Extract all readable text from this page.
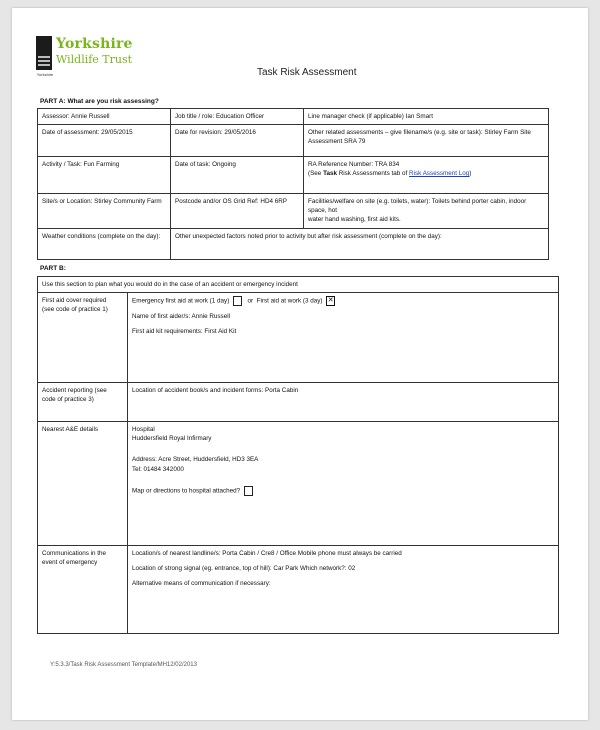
Yorkshire
Yorkshire
Wildlife Trust
Task Risk Assessment
PART A: What are you risk assessing?
Assessor: Annie Russell	Job title / role: Education Officer	Line manager check (if applicable) Ian Smart
Date of assessment: 29/05/2015	Date for revision: 29/05/2016	Other related assessments – give filename/s (e.g. site or task): Stirley Farm Site
Assessment SRA 79

Activity / Task: Fun Farming	Date of task: Ongoing	RA Reference Number: TRA 834
(See Task Risk Assessments tab of Risk Assessment Log)

Site/s or Location: Stirley Community Farm	Postcode and/or OS Grid Ref: HD4 6RP	Facilities/welfare on site (e.g. toilets, water): Toilets behind porter cabin, indoor space, hot
water hand washing, first aid kits.

Weather conditions (complete on the day):	Other unexpected factors noted prior to activity but after risk assessment (complete on the day):	
PART B:
Use this section to plan what you would do in the case of an accident or emergency incident	

First aid cover required
(see code of practice 1)	Emergency first aid at work (1 day) or First aid at work (3 day) ✕
Name of first aider/s: Annie Russell
First aid kit requirements: First Aid Kit

Accident reporting (see
code of practice 3)	Location of accident book/s and incident forms: Porta Cabin
Nearest A&E details	Hospital
Huddersfield Royal Infirmary
Address: Acre Street, Huddersfield, HD3 3EA
Tel: 01484 342000
Map or directions to hospital attached?

Communications in the
event of emergency	Location/s of nearest landline/s: Porta Cabin / Cre8 / Office Mobile phone must always be carried
Location of strong signal (eg. entrance, top of hill): Car Park Which network?: 02
Alternative means of communication if necessary:
Y:5.3.3/Task Risk Assessment Template/MH12/02/2013
